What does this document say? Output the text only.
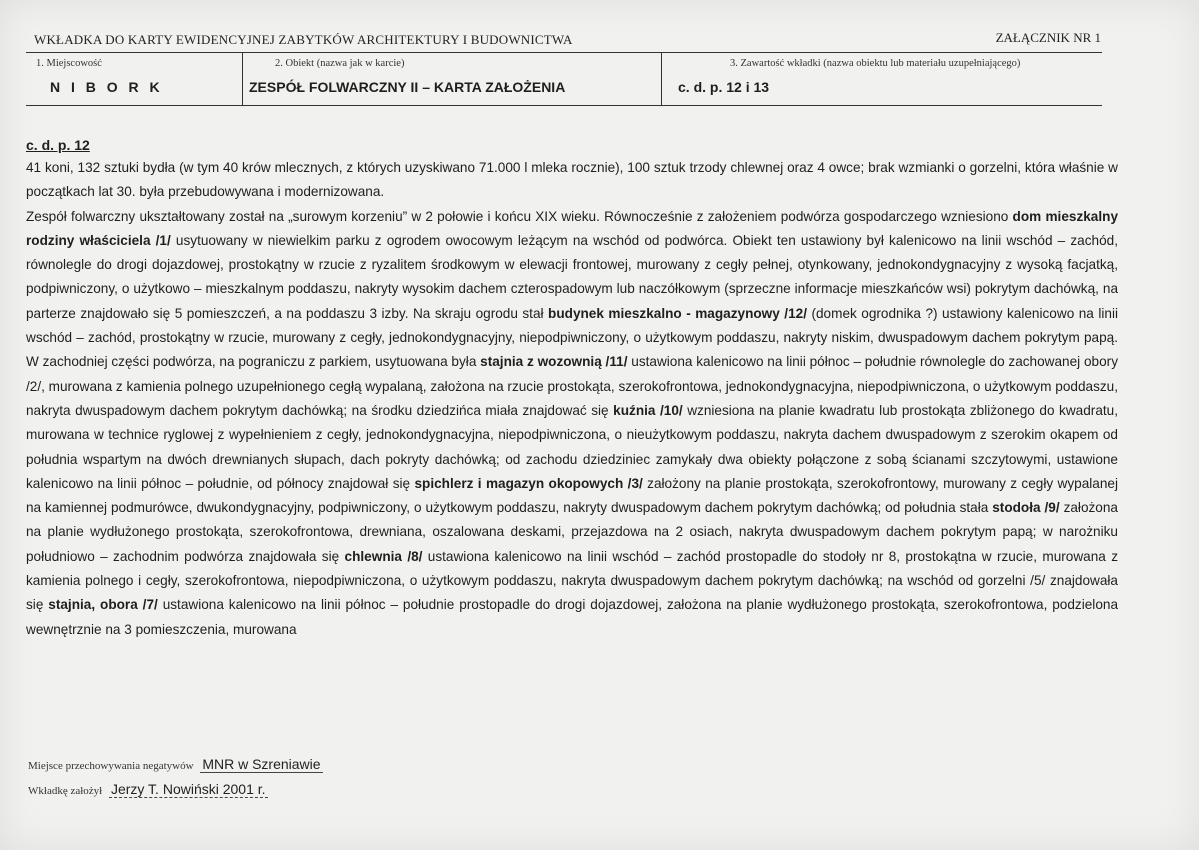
WKŁADKA DO KARTY EWIDENCYJNEJ ZABYTKÓW ARCHITEKTURY I BUDOWNICTWA	ZAŁĄCZNIK NR 1
1. Miejscowość
N I B O R K
2. Obiekt (nazwa jak w karcie)
ZESPÓŁ FOLWARCZNY II – KARTA ZAŁOŻENIA
3. Zawartość wkładki (nazwa obiektu lub materiału uzupełniającego)
c. d. p. 12 i 13
c. d. p. 12

41 koni, 132 sztuki bydła (w tym 40 krów mlecznych, z których uzyskiwano 71.000 l mleka rocznie), 100 sztuk trzody chlewnej oraz 4 owce; brak wzmianki o gorzelni, która właśnie w początkach lat 30. była przebudowywana i modernizowana.

Zespół folwarczny ukształtowany został na „surowym korzeniu” w 2 połowie i końcu XIX wieku. Równocześnie z założeniem podwórza gospodarczego wzniesiono dom mieszkalny rodziny właściciela /1/ usytuowany w niewielkim parku z ogrodem owocowym leżącym na wschód od podwórca. Obiekt ten ustawiony był kalenicowo na linii wschód – zachód, równolegle do drogi dojazdowej, prostokątny w rzucie z ryzalitem środkowym w elewacji frontowej, murowany z cegły pełnej, otynkowany, jednokondygnacyjny z wysoką facjatką, podpiwniczony, o użytkowo – mieszkalnym poddaszu, nakryty wysokim dachem czterospadowym lub naczółkowym (sprzeczne informacje mieszkańców wsi) pokrytym dachówką, na parterze znajdowało się 5 pomieszczeń, a na poddaszu 3 izby. Na skraju ogrodu stał budynek mieszkalno - magazynowy /12/ (domek ogrodnika ?) ustawiony kalenicowo na linii wschód – zachód, prostokątny w rzucie, murowany z cegły, jednokondygnacyjny, niepodpiwniczony, o użytkowym poddaszu, nakryty niskim, dwuspadowym dachem pokrytym papą. W zachodniej części podwórza, na pograniczu z parkiem, usytuowana była stajnia z wozownią /11/ ustawiona kalenicowo na linii północ – południe równolegle do zachowanej obory /2/, murowana z kamienia polnego uzupełnionego cegłą wypalaną, założona na rzucie prostokąta, szerokofrontowa, jednokondygnacyjna, niepodpiwniczona, o użytkowym poddaszu, nakryta dwuspadowym dachem pokrytym dachówką; na środku dziedzińca miała znajdować się kuźnia /10/ wzniesiona na planie kwadratu lub prostokąta zbliżonego do kwadratu, murowana w technice ryglowej z wypełnieniem z cegły, jednokondygnacyjna, niepodpiwniczona, o nieużytkowym poddaszu, nakryta dachem dwuspadowym z szerokim okapem od południa wspartym na dwóch drewnianych słupach, dach pokryty dachówką; od zachodu dziedziniec zamykały dwa obiekty połączone z sobą ścianami szczytowymi, ustawione kalenicowo na linii północ – południe, od północy znajdował się spichlerz i magazyn okopowych /3/ założony na planie prostokąta, szerokofrontowy, murowany z cegły wypalanej na kamiennej podmurówce, dwukondygnacyjny, podpiwniczony, o użytkowym poddaszu, nakryty dwuspadowym dachem pokrytym dachówką; od południa stała stodoła /9/ założona na planie wydłużonego prostokąta, szerokofrontowa, drewniana, oszalowana deskami, przejazdowa na 2 osiach, nakryta dwuspadowym dachem pokrytym papą; w narożniku południowo – zachodnim podwórza znajdowała się chlewnia /8/ ustawiona kalenicowo na linii wschód – zachód prostopadle do stodoły nr 8, prostokątna w rzucie, murowana z kamienia polnego i cegły, szerokofrontowa, niepodpiwniczona, o użytkowym poddaszu, nakryta dwuspadowym dachem pokrytym dachówką; na wschód od gorzelni /5/ znajdowała się stajnia, obora /7/ ustawiona kalenicowo na linii północ – południe prostopadle do drogi dojazdowej, założona na planie wydłużonego prostokąta, szerokofrontowa, podzielona wewnętrznie na 3 pomieszczenia, murowana

Miejsce przechowywania negatywów MNR w Szreniawie
Wkładkę założył Jerzy T. Nowiński 2001 r.
